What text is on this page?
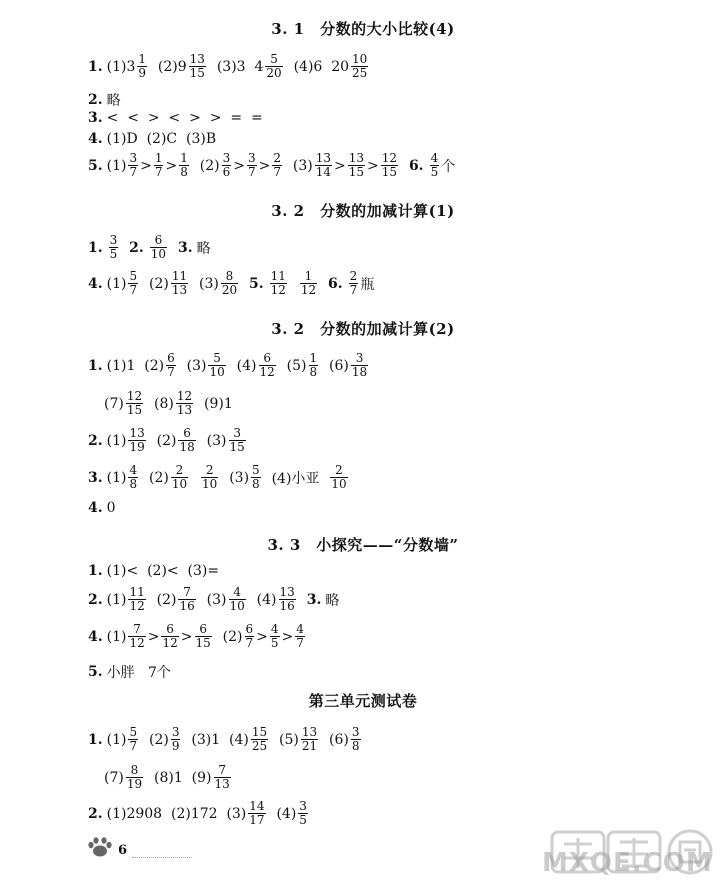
3. 1　分数的大小比较(4)
3. 2　分数的加减计算(1)
3. 2　分数的加减计算(2)
3. 3　小探究——“分数墙”
第三单元测试卷
1. $(1)3 \frac{1}{9} (2)9 \frac{13}{15} (3)3$  $4 \frac{5}{20} (4)6$  $20 \frac{10}{25}$
2. 略
3. <  <  >  <  >  >  =  =
4. (1)D  (2)C  (3)B
5. $(1) \frac{3}{7} > \frac{1}{7} > \frac{1}{8} (2) \frac{3}{6} > \frac{3}{7} > \frac{2}{7} (3) \frac{13}{14} > \frac{13}{15} > \frac{12}{15}$
6. $\frac{4}{5}$ 个
1. $\frac{3}{5}$
2. $\frac{6}{10}$
3. 略
4. $(1) \frac{5}{7} (2) \frac{11}{13} (3) \frac{8}{20}$
5. $\frac{11}{12}$
$\frac{1}{12}$
6. $\frac{2}{7}$ 瓶
1. (1)1  $(2) \frac{6}{7} (3) \frac{5}{10} (4) \frac{6}{12} (5) \frac{1}{8} (6) \frac{3}{18}$
$(7) \frac{12}{15} (8) \frac{12}{13} (9)1$
2. $(1) \frac{13}{19} (2) \frac{6}{18} (3) \frac{3}{15}$
3. $(1) \frac{4}{8} (2) \frac{2}{10}$
$\frac{2}{10} (3) \frac{5}{8} (4)$小亚 $\frac{2}{10}$
4. 0
1. (1)<  (2)<  (3)=
2. $(1) \frac{11}{12} (2) \frac{7}{16} (3) \frac{4}{10} (4) \frac{13}{16}$
3. 略
4. $(1) \frac{7}{12} > \frac{6}{12} > \frac{6}{15} (2) \frac{6}{7} > \frac{4}{5} > \frac{4}{7}$
5. 小胖   7个
1. $(1) \frac{5}{7} (2) \frac{3}{9} (3)1$  $(4) \frac{15}{25} (5) \frac{13}{21} (6) \frac{3}{8}$
$(7) \frac{8}{19} (8)1$  $(9) \frac{7}{13}$
2. (1)2908  (2)172  $(3) \frac{14}{17} (4) \frac{3}{5}$
6	MXQE.COM
